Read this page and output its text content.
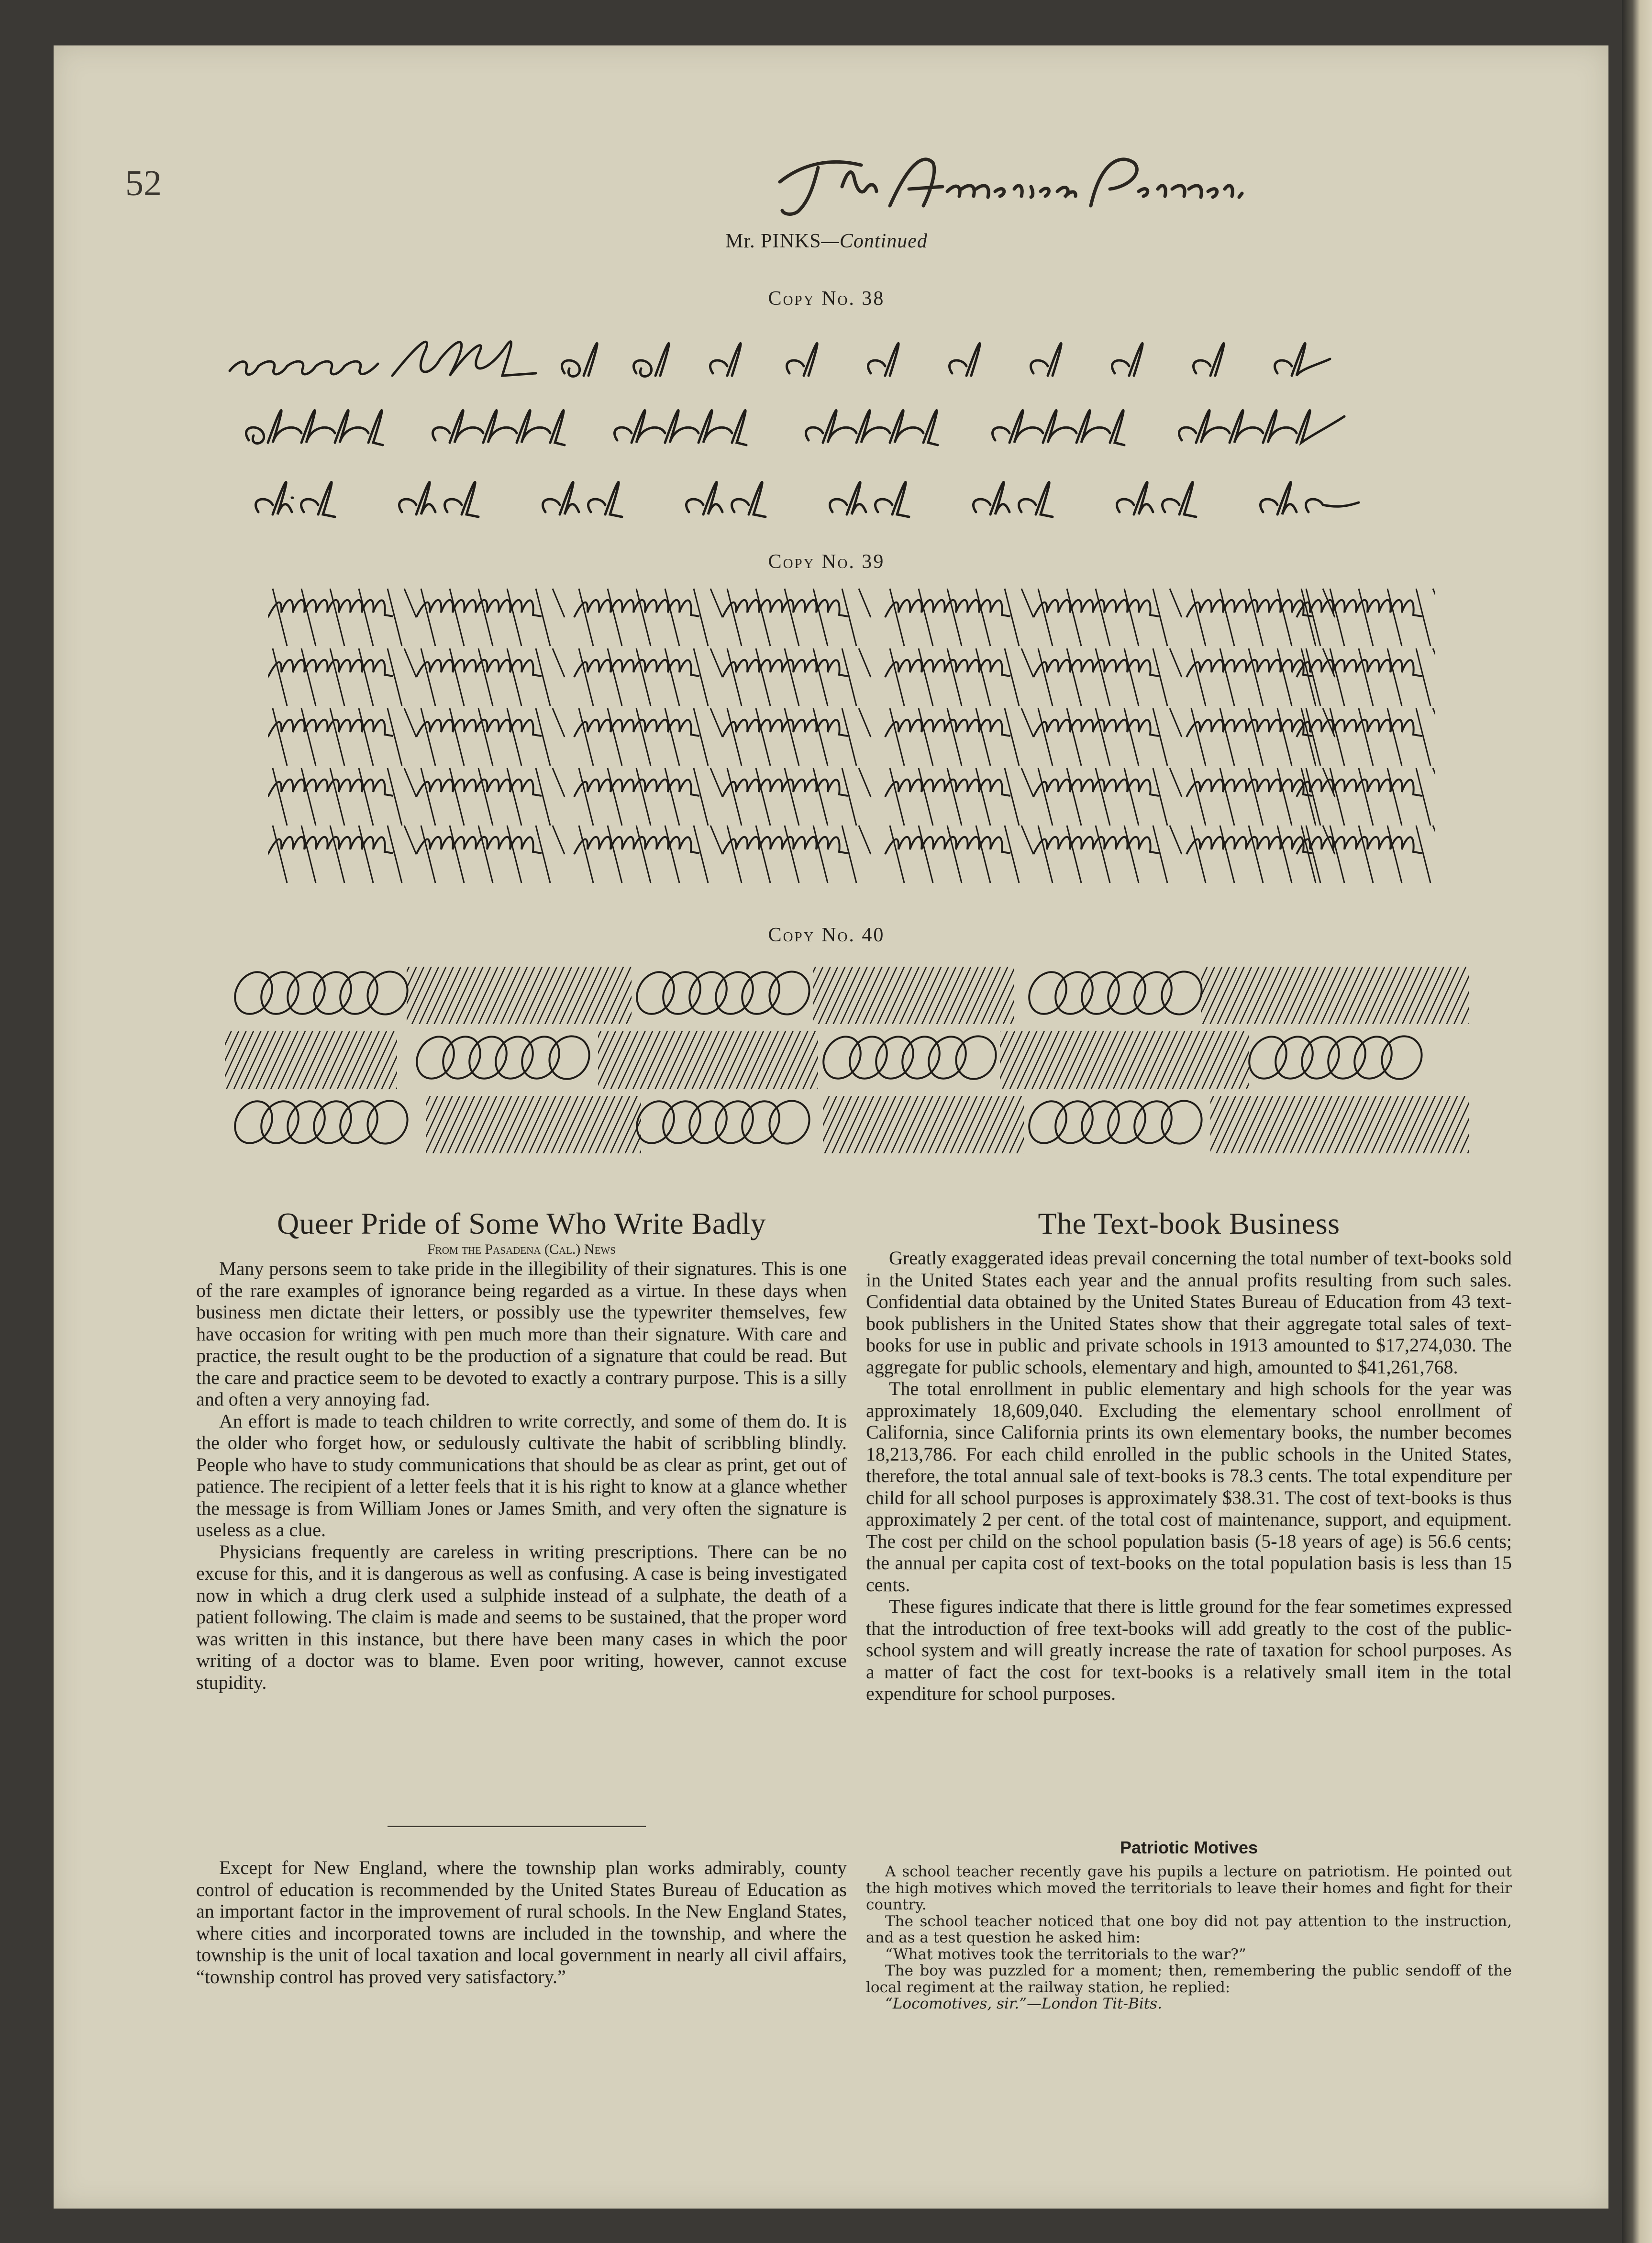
52
The American Penman.
Mr. PINKS—Continued
Copy No. 38
Copy No. 39
Copy No. 40
Queer Pride of Some Who Write Badly
From the Pasadena (Cal.) News

Many persons seem to take pride in the illegibility of their signatures. This is one of the rare examples of ignorance being regarded as a virtue. In these days when business men dictate their letters, or possibly use the typewriter themselves, few have occasion for writing with pen much more than their signature. With care and practice, the result ought to be the production of a signature that could be read. But the care and practice seem to be devoted to exactly a contrary purpose. This is a silly and often a very annoying fad.

An effort is made to teach children to write correctly, and some of them do. It is the older who forget how, or sedulously cultivate the habit of scribbling blindly. People who have to study communications that should be as clear as print, get out of patience. The recipient of a letter feels that it is his right to know at a glance whether the message is from William Jones or James Smith, and very often the signature is useless as a clue.

Physicians frequently are careless in writing prescriptions. There can be no excuse for this, and it is dangerous as well as confusing. A case is being investigated now in which a drug clerk used a sulphide instead of a sulphate, the death of a patient following. The claim is made and seems to be sustained, that the proper word was written in this instance, but there have been many cases in which the poor writing of a doctor was to blame. Even poor writing, however, cannot excuse stupidity.

Except for New England, where the township plan works admirably, county control of education is recommended by the United States Bureau of Education as an important factor in the improvement of rural schools. In the New England States, where cities and incorporated towns are included in the township, and where the township is the unit of local taxation and local government in nearly all civil affairs, “township control has proved very satisfactory.”

The Text-book Business

Greatly exaggerated ideas prevail concerning the total number of text-books sold in the United States each year and the annual profits resulting from such sales. Confidential data obtained by the United States Bureau of Education from 43 text-book publishers in the United States show that their aggregate total sales of text-books for use in public and private schools in 1913 amounted to $17,274,030. The aggregate for public schools, elementary and high, amounted to $41,261,768.

The total enrollment in public elementary and high schools for the year was approximately 18,609,040. Excluding the elementary school enrollment of California, since California prints its own elementary books, the number becomes 18,213,786. For each child enrolled in the public schools in the United States, therefore, the total annual sale of text-books is 78.3 cents. The total expenditure per child for all school purposes is approximately $38.31. The cost of text-books is thus approximately 2 per cent. of the total cost of maintenance, support, and equipment. The cost per child on the school population basis (5-18 years of age) is 56.6 cents; the annual per capita cost of text-books on the total population basis is less than 15 cents.

These figures indicate that there is little ground for the fear sometimes expressed that the introduction of free text-books will add greatly to the cost of the public-school system and will greatly increase the rate of taxation for school purposes. As a matter of fact the cost for text-books is a relatively small item in the total expenditure for school purposes.

Patriotic Motives

A school teacher recently gave his pupils a lecture on patriotism. He pointed out the high motives which moved the territorials to leave their homes and fight for their country.

The school teacher noticed that one boy did not pay attention to the instruction, and as a test question he asked him:

“What motives took the territorials to the war?”

The boy was puzzled for a moment; then, remembering the public sendoff of the local regiment at the railway station, he replied:

“Locomotives, sir.”—London Tit-Bits.
